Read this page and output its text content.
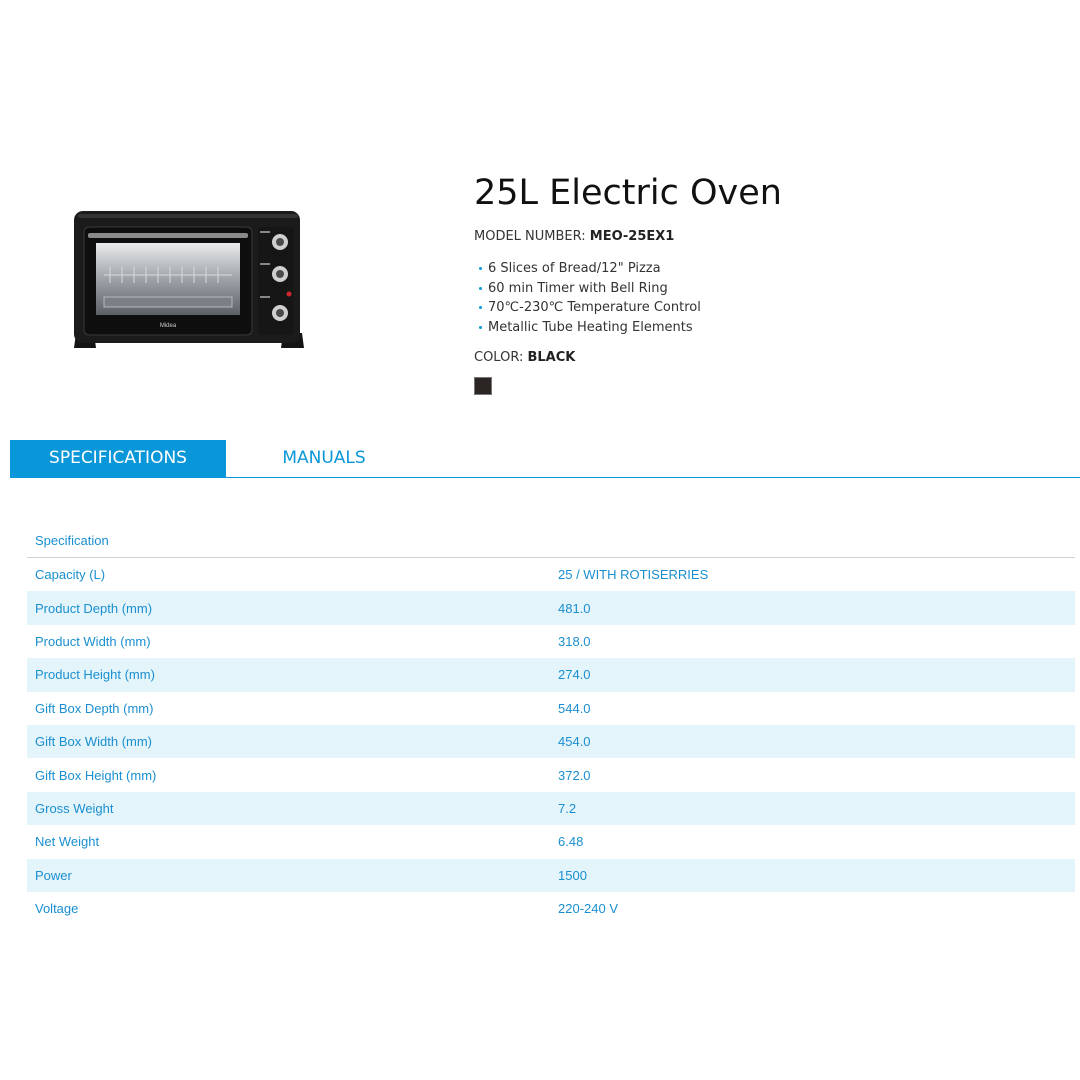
Midea
25L Electric Oven
MODEL NUMBER: MEO-25EX1
6 Slices of Bread/12" Pizza
60 min Timer with Bell Ring
70℃-230℃ Temperature Control
Metallic Tube Heating Elements
COLOR: BLACK
SPECIFICATIONS	MANUALS
Specification
Capacity (L)	25 / WITH ROTISERRIES
Product Depth (mm)	481.0
Product Width (mm)	318.0
Product Height (mm)	274.0
Gift Box Depth (mm)	544.0
Gift Box Width (mm)	454.0
Gift Box Height (mm)	372.0
Gross Weight	7.2
Net Weight	6.48
Power	1500
Voltage	220-240 V
